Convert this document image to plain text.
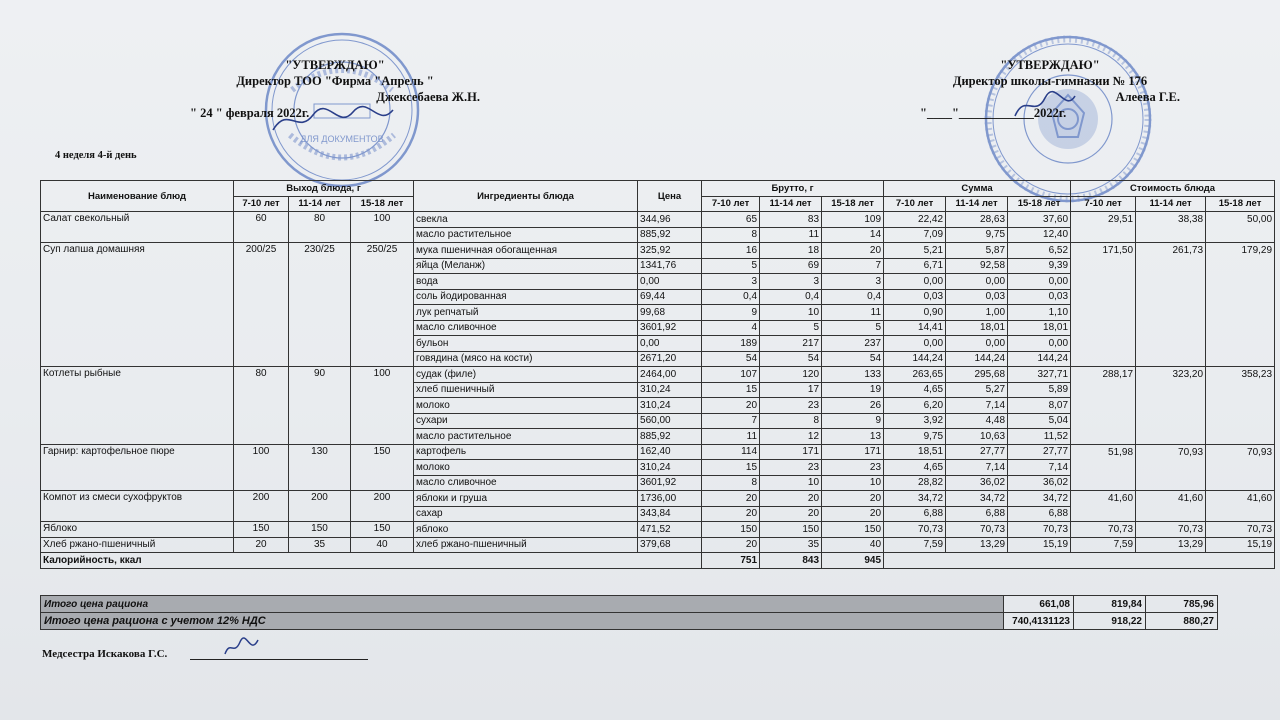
ДЛЯ ДОКУМЕНТОВ
"УТВЕРЖДАЮ"
Директор ТОО "Фирма "Апрель "
Джексебаева Ж.Н.
" 24 " февраля 2022г.
"УТВЕРЖДАЮ"
Директор школы-гимназии № 176
Алеева Г.Е.
"____"____________2022г.
4 неделя 4-й день
Наименование блюд	Выход блюда, г			Ингредиенты блюда	Цена	Брутто, г			Сумма			Стоимость блюда		
	7-10 лет	11-14 лет	15-18 лет			7-10 лет	11-14 лет	15-18 лет	7-10 лет	11-14 лет	15-18 лет	7-10 лет	11-14 лет	15-18 лет
Салат свекольный	60	80	100	свекла	344,96	65	83	109	22,42	28,63	37,60	29,51	38,38	50,00
				масло растительное	885,92	8	11	14	7,09	9,75	12,40			
Суп лапша домашняя	200/25	230/25	250/25	мука пшеничная обогащенная	325,92	16	18	20	5,21	5,87	6,52	171,50	261,73	179,29
				яйца (Меланж)	1341,76	5	69	7	6,71	92,58	9,39			
				вода	0,00	3	3	3	0,00	0,00	0,00			
				соль йодированная	69,44	0,4	0,4	0,4	0,03	0,03	0,03			
				лук репчатый	99,68	9	10	11	0,90	1,00	1,10			
				масло сливочное	3601,92	4	5	5	14,41	18,01	18,01			
				бульон	0,00	189	217	237	0,00	0,00	0,00			
				говядина (мясо на кости)	2671,20	54	54	54	144,24	144,24	144,24			
Котлеты рыбные	80	90	100	судак (филе)	2464,00	107	120	133	263,65	295,68	327,71	288,17	323,20	358,23
				хлеб пшеничный	310,24	15	17	19	4,65	5,27	5,89			
				молоко	310,24	20	23	26	6,20	7,14	8,07			
				сухари	560,00	7	8	9	3,92	4,48	5,04			
				масло растительное	885,92	11	12	13	9,75	10,63	11,52			
Гарнир: картофельное пюре	100	130	150	картофель	162,40	114	171	171	18,51	27,77	27,77	51,98	70,93	70,93
				молоко	310,24	15	23	23	4,65	7,14	7,14			
				масло сливочное	3601,92	8	10	10	28,82	36,02	36,02			
Компот из смеси сухофруктов	200	200	200	яблоки и груша	1736,00	20	20	20	34,72	34,72	34,72	41,60	41,60	41,60
				сахар	343,84	20	20	20	6,88	6,88	6,88			
Яблоко	150	150	150	яблоко	471,52	150	150	150	70,73	70,73	70,73	70,73	70,73	70,73
Хлеб ржано-пшеничный	20	35	40	хлеб ржано-пшеничный	379,68	20	35	40	7,59	13,29	15,19	7,59	13,29	15,19
Калорийность, ккал						751	843	945						
Итого цена рациона	661,08	819,84	785,96
Итого цена рациона с учетом 12% НДС	740,4131123	918,22	880,27
Медсестра Искакова Г.С.
